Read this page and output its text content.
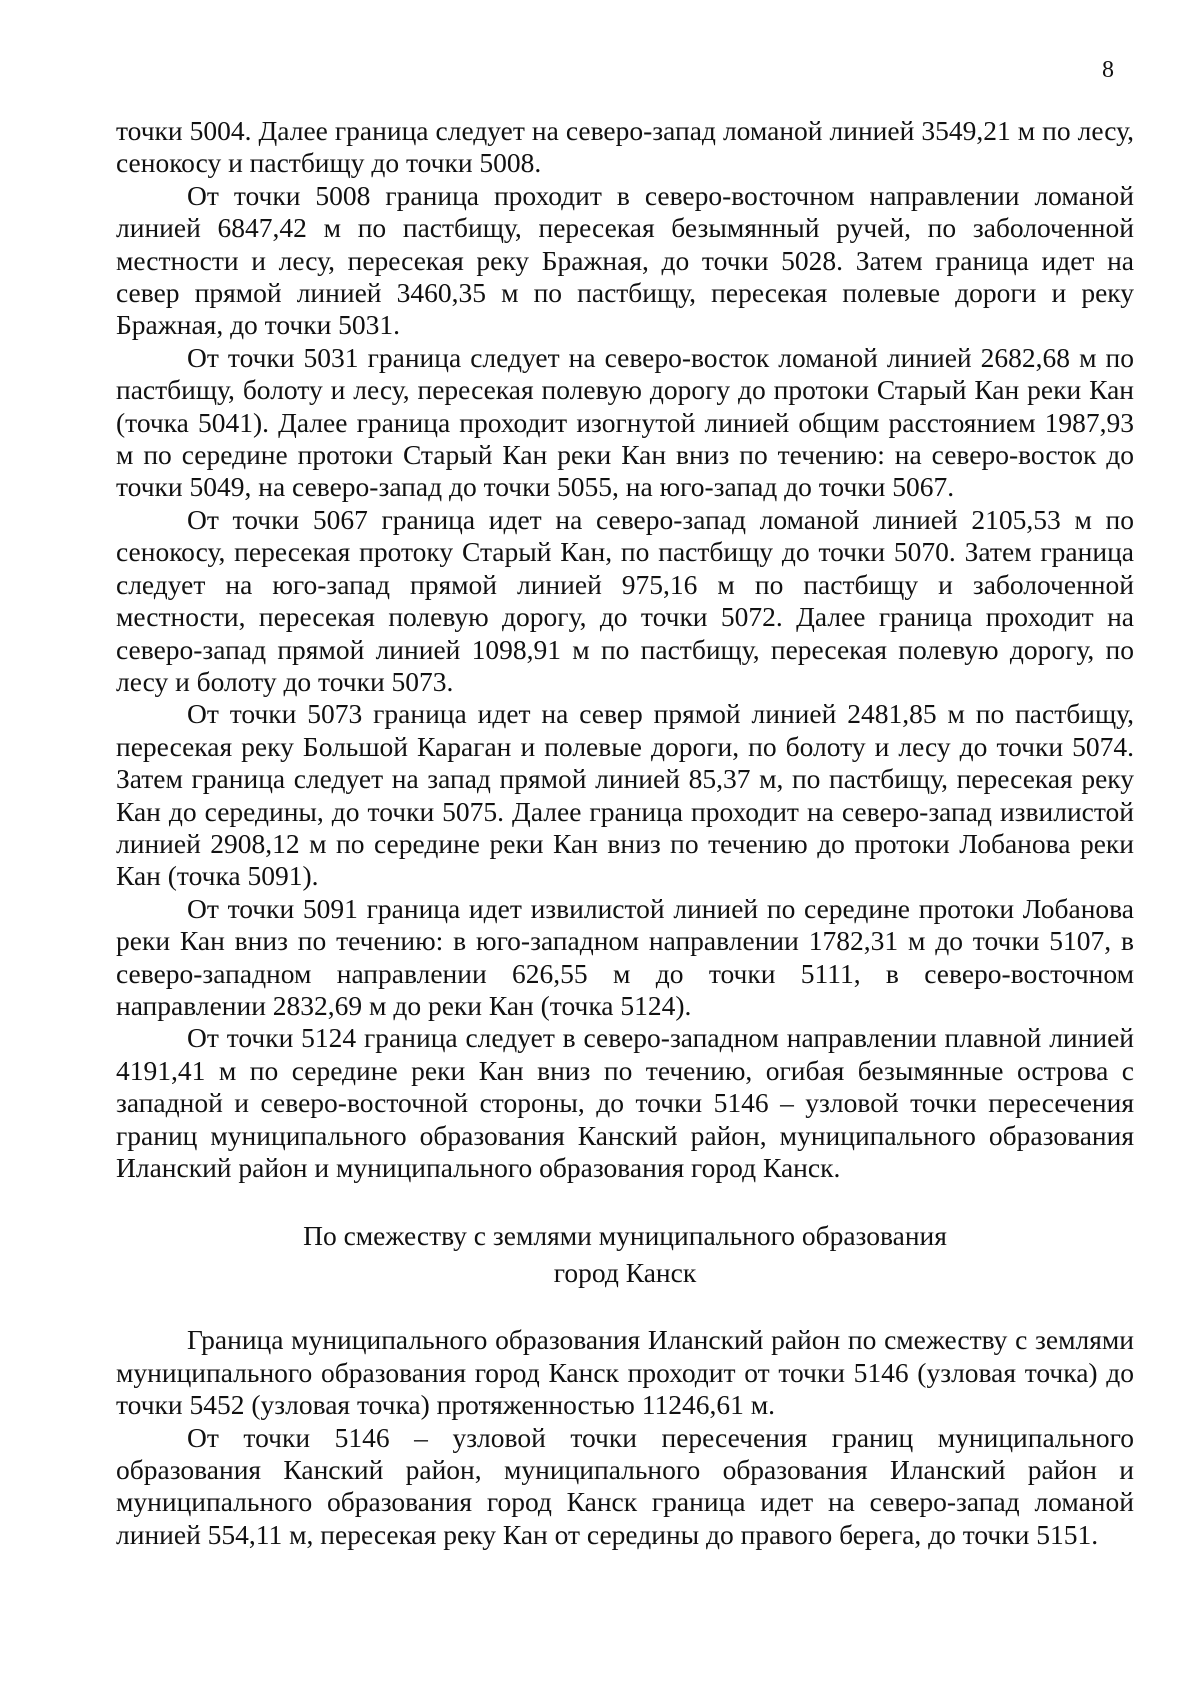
8

точки 5004. Далее граница следует на северо-запад ломаной линией 3549,21 м по лесу, сенокосу и пастбищу до точки 5008.

От точки 5008 граница проходит в северо-восточном направлении ломаной линией 6847,42 м по пастбищу, пересекая безымянный ручей, по заболоченной местности и лесу, пересекая реку Бражная, до точки 5028. Затем граница идет на север прямой линией 3460,35 м по пастбищу, пересекая полевые дороги и реку Бражная, до точки 5031.

От точки 5031 граница следует на северо-восток ломаной линией 2682,68 м по пастбищу, болоту и лесу, пересекая полевую дорогу до протоки Старый Кан реки Кан (точка 5041). Далее граница проходит изогнутой линией общим расстоянием 1987,93 м по середине протоки Старый Кан реки Кан вниз по течению: на северо-восток до точки 5049, на северо-запад до точки 5055, на юго-запад до точки 5067.

От точки 5067 граница идет на северо-запад ломаной линией 2105,53 м по сенокосу, пересекая протоку Старый Кан, по пастбищу до точки 5070. Затем граница следует на юго-запад прямой линией 975,16 м по пастбищу и заболоченной местности, пересекая полевую дорогу, до точки 5072. Далее граница проходит на северо-запад прямой линией 1098,91 м по пастбищу, пересекая полевую дорогу, по лесу и болоту до точки 5073.

От точки 5073 граница идет на север прямой линией 2481,85 м по пастбищу, пересекая реку Большой Караган и полевые дороги, по болоту и лесу до точки 5074. Затем граница следует на запад прямой линией 85,37 м, по пастбищу, пересекая реку Кан до середины, до точки 5075. Далее граница проходит на северо-запад извилистой линией 2908,12 м по середине реки Кан вниз по течению до протоки Лобанова реки Кан (точка 5091).

От точки 5091 граница идет извилистой линией по середине протоки Лобанова реки Кан вниз по течению: в юго-западном направлении 1782,31 м до точки 5107, в северо-западном направлении 626,55 м до точки 5111, в северо-восточном направлении 2832,69 м до реки Кан (точка 5124).

От точки 5124 граница следует в северо-западном направлении плавной линией 4191,41 м по середине реки Кан вниз по течению, огибая безымянные острова с западной и северо-восточной стороны, до точки 5146 – узловой точки пересечения границ муниципального образования Канский район, муниципального образования Иланский район и муниципального образования город Канск.

По смежеству с землями муниципального образования
город Канск

Граница муниципального образования Иланский район по смежеству с землями муниципального образования город Канск проходит от точки 5146 (узловая точка) до точки 5452 (узловая точка) протяженностью 11246,61 м.

От точки 5146 – узловой точки пересечения границ муниципального образования Канский район, муниципального образования Иланский район и муниципального образования город Канск граница идет на северо-запад ломаной линией 554,11 м, пересекая реку Кан от середины до правого берега, до точки 5151.
